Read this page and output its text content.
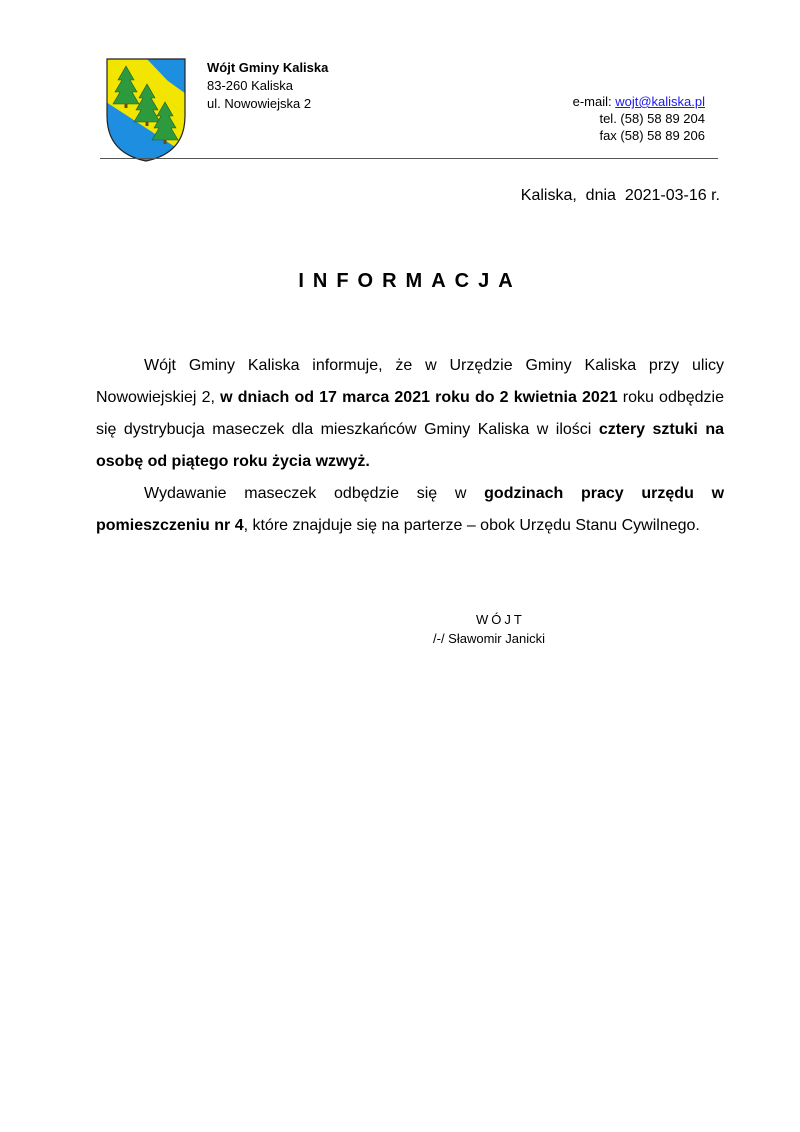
Wójt Gminy Kaliska
83-260 Kaliska
ul. Nowowiejska 2	e-mail: wojt@kaliska.pl
tel. (58) 58 89 204
fax (58) 58 89 206
Kaliska,  dnia  2021-03-16 r.
INFORMACJA

Wójt Gminy Kaliska informuje, że w Urzędzie Gminy Kaliska przy ulicy Nowowiejskiej 2, w dniach od 17 marca 2021 roku do 2 kwietnia 2021 roku odbędzie się dystrybucja maseczek dla mieszkańców Gminy Kaliska w ilości cztery sztuki na osobę od piątego roku życia wzwyż.

Wydawanie maseczek odbędzie się w godzinach pracy urzędu w pomieszczeniu nr 4, które znajduje się na parterze – obok Urzędu Stanu Cywilnego.

WÓJT
/-/ Sławomir Janicki
